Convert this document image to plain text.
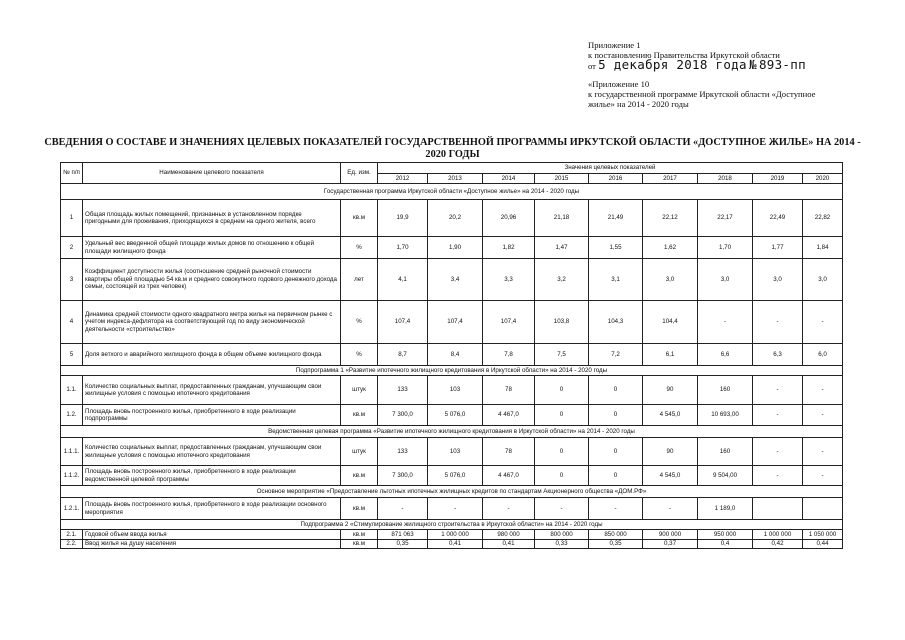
Приложение 1
к постановлению Правительства Иркутской области
от 5 декабря 2018 года № 893-пп
«Приложение 10
к государственной программе Иркутской области «Доступное
жилье» на 2014 - 2020 годы
СВЕДЕНИЯ О СОСТАВЕ И ЗНАЧЕНИЯХ ЦЕЛЕВЫХ ПОКАЗАТЕЛЕЙ ГОСУДАРСТВЕННОЙ ПРОГРАММЫ ИРКУТСКОЙ ОБЛАСТИ «ДОСТУПНОЕ ЖИЛЬЕ» НА 2014 - 2020 ГОДЫ
№ п/п	Наименование целевого показателя	Ед. изм.	Значения целевых показателей								
			2012	2013	2014	2015	2016	2017	2018	2019	2020
Государственная программа Иркутской области «Доступное жилье» на 2014 - 2020 годы											
1	Общая площадь жилых помещений, признанных в установленном порядке пригодными для проживания, приходящихся в среднем на одного жителя, всего	кв.м	19,9	20,2	20,96	21,18	21,49	22,12	22,17	22,49	22,82
2	Удельный вес введенной общей площади жилых домов по отношению к общей площади жилищного фонда	%	1,70	1,90	1,82	1,47	1,55	1,62	1,70	1,77	1,84
3	Коэффициент доступности жилья (соотношение средней рыночной стоимости квартиры общей площадью 54 кв.м и среднего совокупного годового денежного дохода семьи, состоящей из трех человек)	лет	4,1	3,4	3,3	3,2	3,1	3,0	3,0	3,0	3,0
4	Динамика средней стоимости одного квадратного метра жилья на первичном рынке с учетом индекса-дефлятора на соответствующий год по виду экономической деятельности «строительство»	%	107,4	107,4	107,4	103,8	104,3	104,4	-	-	-
5	Доля ветхого и аварийного жилищного фонда в общем объеме жилищного фонда	%	8,7	8,4	7,8	7,5	7,2	6,1	6,6	6,3	6,0
Подпрограмма 1 «Развитие ипотечного жилищного кредитования в Иркутской области» на 2014 - 2020 годы											
1.1.	Количество социальных выплат, предоставленных гражданам, улучшающим свои жилищные условия с помощью ипотечного кредитования	штук	133	103	78	0	0	90	160	-	-
1.2.	Площадь вновь построенного жилья, приобретенного в ходе реализации подпрограммы	кв.м	7 300,0	5 076,0	4 467,0	0	0	4 545,0	10 693,00	-	-
Ведомственная целевая программа «Развитие ипотечного жилищного кредитования в Иркутской области» на 2014 - 2020 годы											
1.1.1.	Количество социальных выплат, предоставленных гражданам, улучшающим свои жилищные условия с помощью ипотечного кредитования	штук	133	103	78	0	0	90	160	-	-
1.1.2.	Площадь вновь построенного жилья, приобретенного в ходе реализации ведомственной целевой программы	кв.м	7 300,0	5 076,0	4 467,0	0	0	4 545,0	9 504,00	-	-
Основное мероприятие «Предоставление льготных ипотечных жилищных кредитов по стандартам Акционерного общества «ДОМ.РФ»											
1.2.1.	Площадь вновь построенного жилья, приобретенного в ходе реализации основного мероприятия	кв.м	-	-	-	-	-	-	1 189,0		
Подпрограмма 2 «Стимулирование жилищного строительства в Иркутской области» на 2014 - 2020 годы											
2.1.	Годовой объем ввода жилья	кв.м	871 063	1 000 000	980 000	800 000	850 000	900 000	950 000	1 000 000	1 050 000
2.2.	Ввод жилья на душу населения	кв.м	0,35	0,41	0,41	0,33	0,35	0,37	0,4	0,42	0,44
